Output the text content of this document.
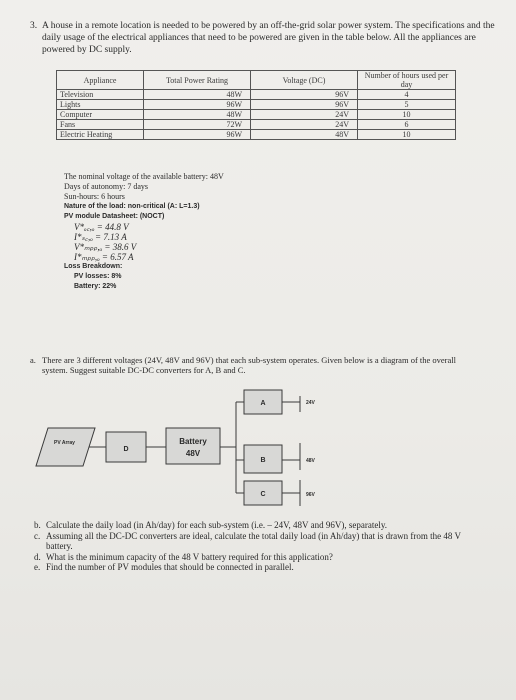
3. A house in a remote location is needed to be powered by an off-the-grid solar power system. The specifications and the daily usage of the electrical appliances that need to be powered are given in the table below. All the appliances are powered by DC supply.
Appliance	Total Power Rating	Voltage (DC)	Number of hours used per day
Television	48W	96V	4
Lights	96W	96V	5
Computer	48W	24V	10
Fans	72W	24V	6
Electric Heating	96W	48V	10
The nominal voltage of the available battery: 48V
Days of autonomy: 7 days
Sun-hours: 6 hours
Nature of the load: non-critical (A: L=1.3)
PV module Datasheet: (NOCT)
V*ₒ꜀,ₒ = 44.8 V
I*ₛ꜀,ₒ = 7.13 A
V*ₘₚₚ,ₒ = 38.6 V
I*ₘₚₚ,ₒ = 6.57 A
Loss Breakdown:
PV losses: 8%
Battery: 22%
a. There are 3 different voltages (24V, 48V and 96V) that each sub-system operates. Given below is a diagram of the overall system. Suggest suitable DC-DC converters for A, B and C.
PV Array
D
Battery
48V
A
B
C
24V
48V
96V
b. Calculate the daily load (in Ah/day) for each sub-system (i.e. – 24V, 48V and 96V), separately.
c. Assuming all the DC-DC converters are ideal, calculate the total daily load (in Ah/day) that is drawn from the 48 V battery.
d. What is the minimum capacity of the 48 V battery required for this application?
e. Find the number of PV modules that should be connected in parallel.
